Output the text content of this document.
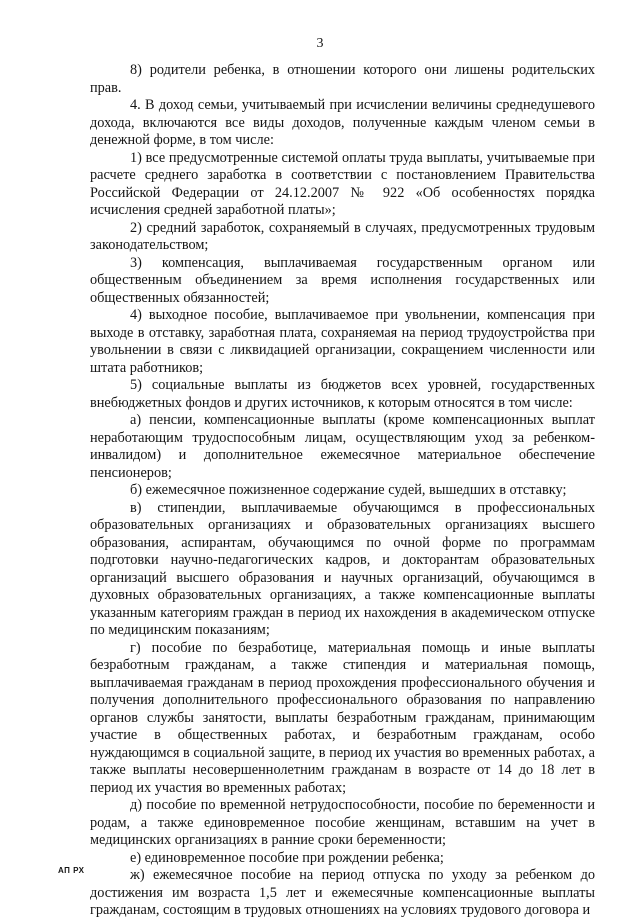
3

8) родители ребенка, в отношении которого они лишены родительских прав.

4. В доход семьи, учитываемый при исчислении величины среднедушевого дохода, включаются все виды доходов, полученные каждым членом семьи в денежной форме, в том числе:

1) все предусмотренные системой оплаты труда выплаты, учитываемые при расчете среднего заработка в соответствии с постановлением Правительства Российской Федерации от 24.12.2007 № 922 «Об особенностях порядка исчисления средней заработной платы»;

2) средний заработок, сохраняемый в случаях, предусмотренных трудовым законодательством;

3) компенсация, выплачиваемая государственным органом или общественным объединением за время исполнения государственных или общественных обязанностей;

4) выходное пособие, выплачиваемое при увольнении, компенсация при выходе в отставку, заработная плата, сохраняемая на период трудоустройства при увольнении в связи с ликвидацией организации, сокращением численности или штата работников;

5) социальные выплаты из бюджетов всех уровней, государственных внебюджетных фондов и других источников, к которым относятся в том числе:

а) пенсии, компенсационные выплаты (кроме компенсационных выплат неработающим трудоспособным лицам, осуществляющим уход за ребенком-инвалидом) и дополнительное ежемесячное материальное обеспечение пенсионеров;

б) ежемесячное пожизненное содержание судей, вышедших в отставку;

в) стипендии, выплачиваемые обучающимся в профессиональных образовательных организациях и образовательных организациях высшего образования, аспирантам, обучающимся по очной форме по программам подготовки научно-педагогических кадров, и докторантам образовательных организаций высшего образования и научных организаций, обучающимся в духовных образовательных организациях, а также компенсационные выплаты указанным категориям граждан в период их нахождения в академическом отпуске по медицинским показаниям;

г) пособие по безработице, материальная помощь и иные выплаты безработным гражданам, а также стипендия и материальная помощь, выплачиваемая гражданам в период прохождения профессионального обучения и получения дополнительного профессионального образования по направлению органов службы занятости, выплаты безработным гражданам, принимающим участие в общественных работах, и безработным гражданам, особо нуждающимся в социальной защите, в период их участия во временных работах, а также выплаты несовершеннолетним гражданам в возрасте от 14 до 18 лет в период их участия во временных работах;

д) пособие по временной нетрудоспособности, пособие по беременности и родам, а также единовременное пособие женщинам, вставшим на учет в медицинских организациях в ранние сроки беременности;

е) единовременное пособие при рождении ребенка;

ж) ежемесячное пособие на период отпуска по уходу за ребенком до достижения им возраста 1,5 лет и ежемесячные компенсационные выплаты гражданам, состоящим в трудовых отношениях на условиях трудового договора и

АП РХ
